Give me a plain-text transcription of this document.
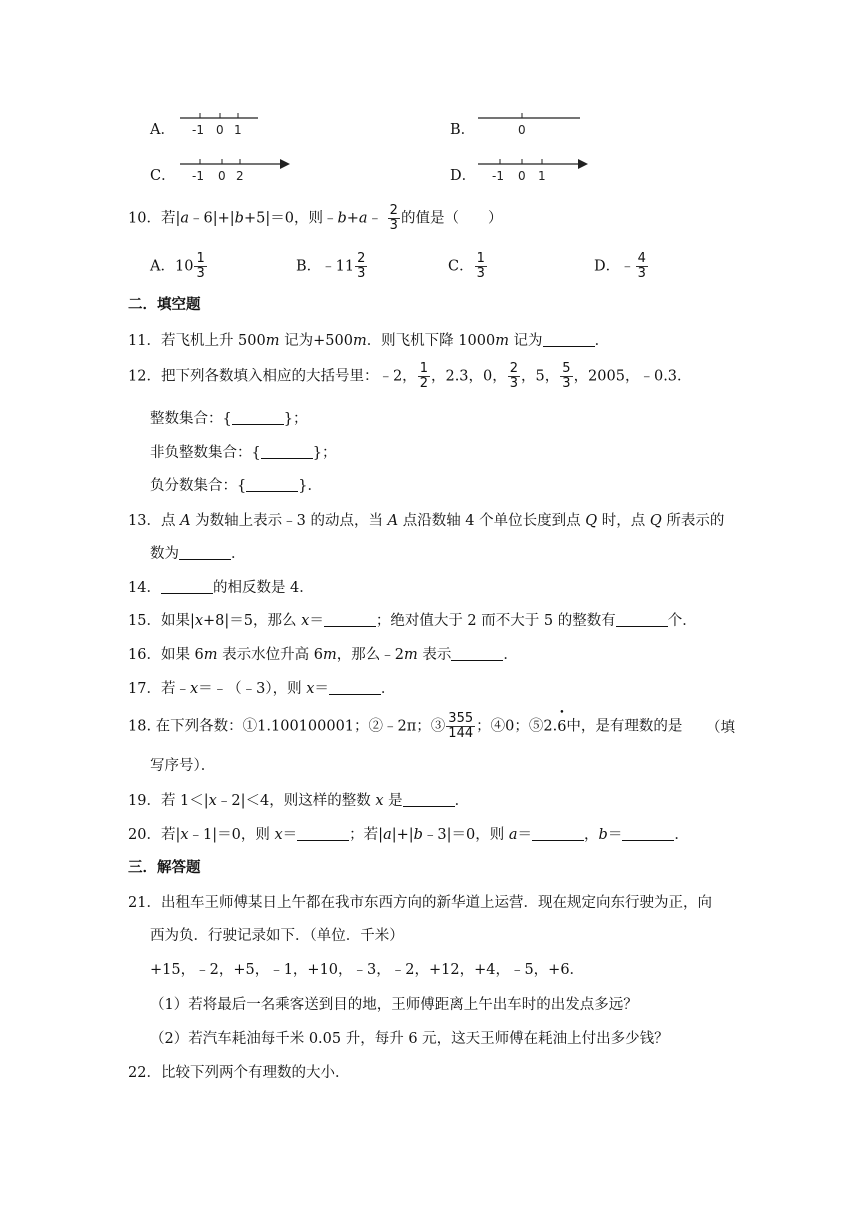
A． -1 0 1	B．	0
C． -1 0 2	D． -1 0 1
10．若|a﹣6|+|b+5|＝0，则﹣b+a﹣ $\frac{2}{3}$ 的值是（　　）
A．$10 \frac{1}{3}$	B．﹣11 $\frac{2}{3}$	C． $\frac{1}{3}$	D．﹣ $\frac{4}{3}$
二．填空题
11．若飞机上升 500m 记为+500m．则飞机下降 1000m 记为	．
12．把下列各数填入相应的大括号里：﹣2， $\frac{1}{2}$ ，2.3，0， $\frac{2}{3}$ ，5， $\frac{5}{3}$ ，2005，﹣0.3．
整数集合：{	}；
非负整数集合：{	}；
负分数集合：{	}．
13．点 A 为数轴上表示﹣3 的动点，当 A 点沿数轴 4 个单位长度到点 Q 时，点 Q 所表示的
数为	．
14．	的相反数是 4．
15．如果|x+8|＝5，那么 x＝	；绝对值大于 2 而不大于 5 的整数有	个．
16．如果 6m 表示水位升高 6m，那么﹣2m 表示	．
17．若﹣x＝﹣（﹣3），则 x＝	．
18. 在下列各数：①1.100100001；②﹣2π；③ $\frac{355}{144}$ ；④0；⑤2.• 6中，是有理数的是 （填
写序号）．
19．若 1＜|x﹣2|＜4，则这样的整数 x 是	．
20．若|x﹣1|＝0，则 x＝	；若|a|+|b﹣3|＝0，则 a＝	，b＝	．
三．解答题
21．出租车王师傅某日上午都在我市东西方向的新华道上运营．现在规定向东行驶为正，向
西为负．行驶记录如下．（单位．千米）
+15，﹣2，+5，﹣1，+10，﹣3，﹣2，+12，+4，﹣5，+6．
（1）若将最后一名乘客送到目的地，王师傅距离上午出车时的出发点多远？
（2）若汽车耗油每千米 0.05 升，每升 6 元，这天王师傅在耗油上付出多少钱？
22．比较下列两个有理数的大小．
